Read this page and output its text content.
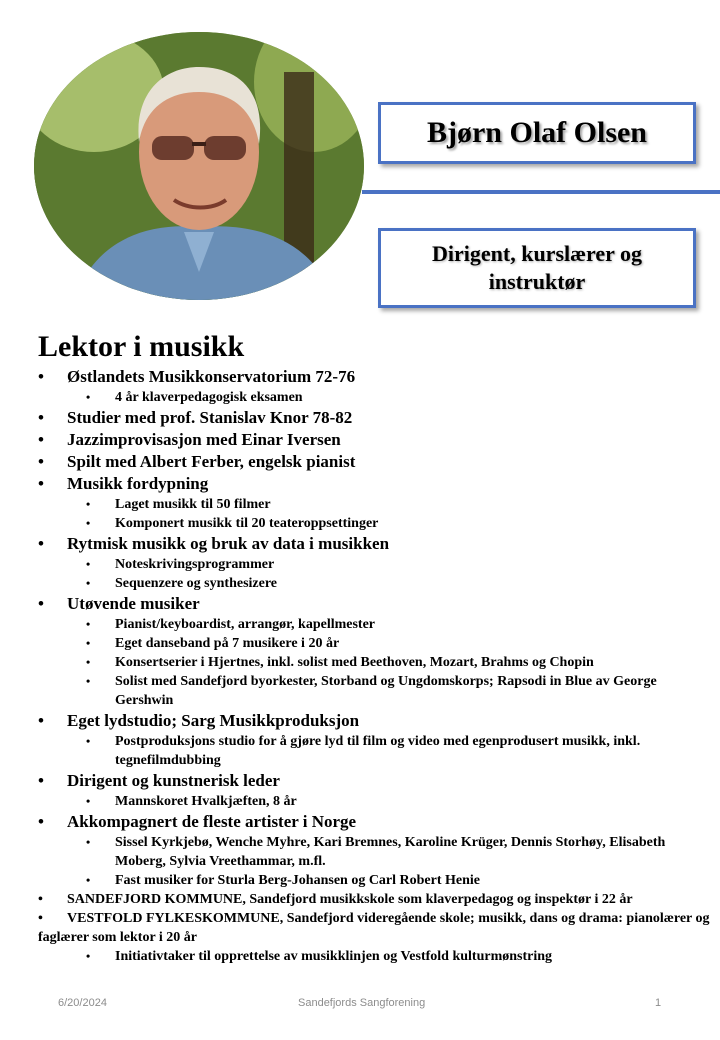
Bjørn Olaf Olsen
Dirigent, kurslærer og instruktør
Lektor i musikk
• Østlandets Musikkonservatorium 72-76
• 4 år klaverpedagogisk eksamen
• Studier med prof. Stanislav Knor 78-82
• Jazzimprovisasjon med Einar Iversen
• Spilt med Albert Ferber, engelsk pianist
• Musikk fordypning
• Laget musikk til 50 filmer
• Komponert musikk til 20 teateroppsettinger
• Rytmisk musikk og bruk av data i musikken
• Noteskrivingsprogrammer
• Sequenzere og synthesizere
• Utøvende musiker
• Pianist/keyboardist, arrangør, kapellmester
• Eget danseband på 7 musikere i 20 år
• Konsertserier i Hjertnes, inkl. solist med Beethoven, Mozart, Brahms og Chopin
• Solist med Sandefjord byorkester, Storband og Ungdomskorps; Rapsodi in Blue av George Gershwin
• Eget lydstudio; Sarg Musikkproduksjon
• Postproduksjons studio for å gjøre lyd til film og video med egenprodusert musikk, inkl. tegnefilmdubbing
• Dirigent og kunstnerisk leder
• Mannskoret Hvalkjæften, 8 år
• Akkompagnert de fleste artister i Norge
• Sissel Kyrkjebø, Wenche Myhre, Kari Bremnes, Karoline Krüger, Dennis Storhøy, Elisabeth Moberg, Sylvia Vreethammar, m.fl.
• Fast musiker for Sturla Berg-Johansen og Carl Robert Henie
• SANDEFJORD KOMMUNE, Sandefjord musikkskole som klaverpedagog og inspektør i 22 år
• VESTFOLD FYLKESKOMMUNE, Sandefjord videregående skole; musikk, dans og drama: pianolærer og faglærer som lektor i 20 år
• Initiativtaker til opprettelse av musikklinjen og Vestfold kulturmønstring
6/20/2024	Sandefjords Sangforening	1
